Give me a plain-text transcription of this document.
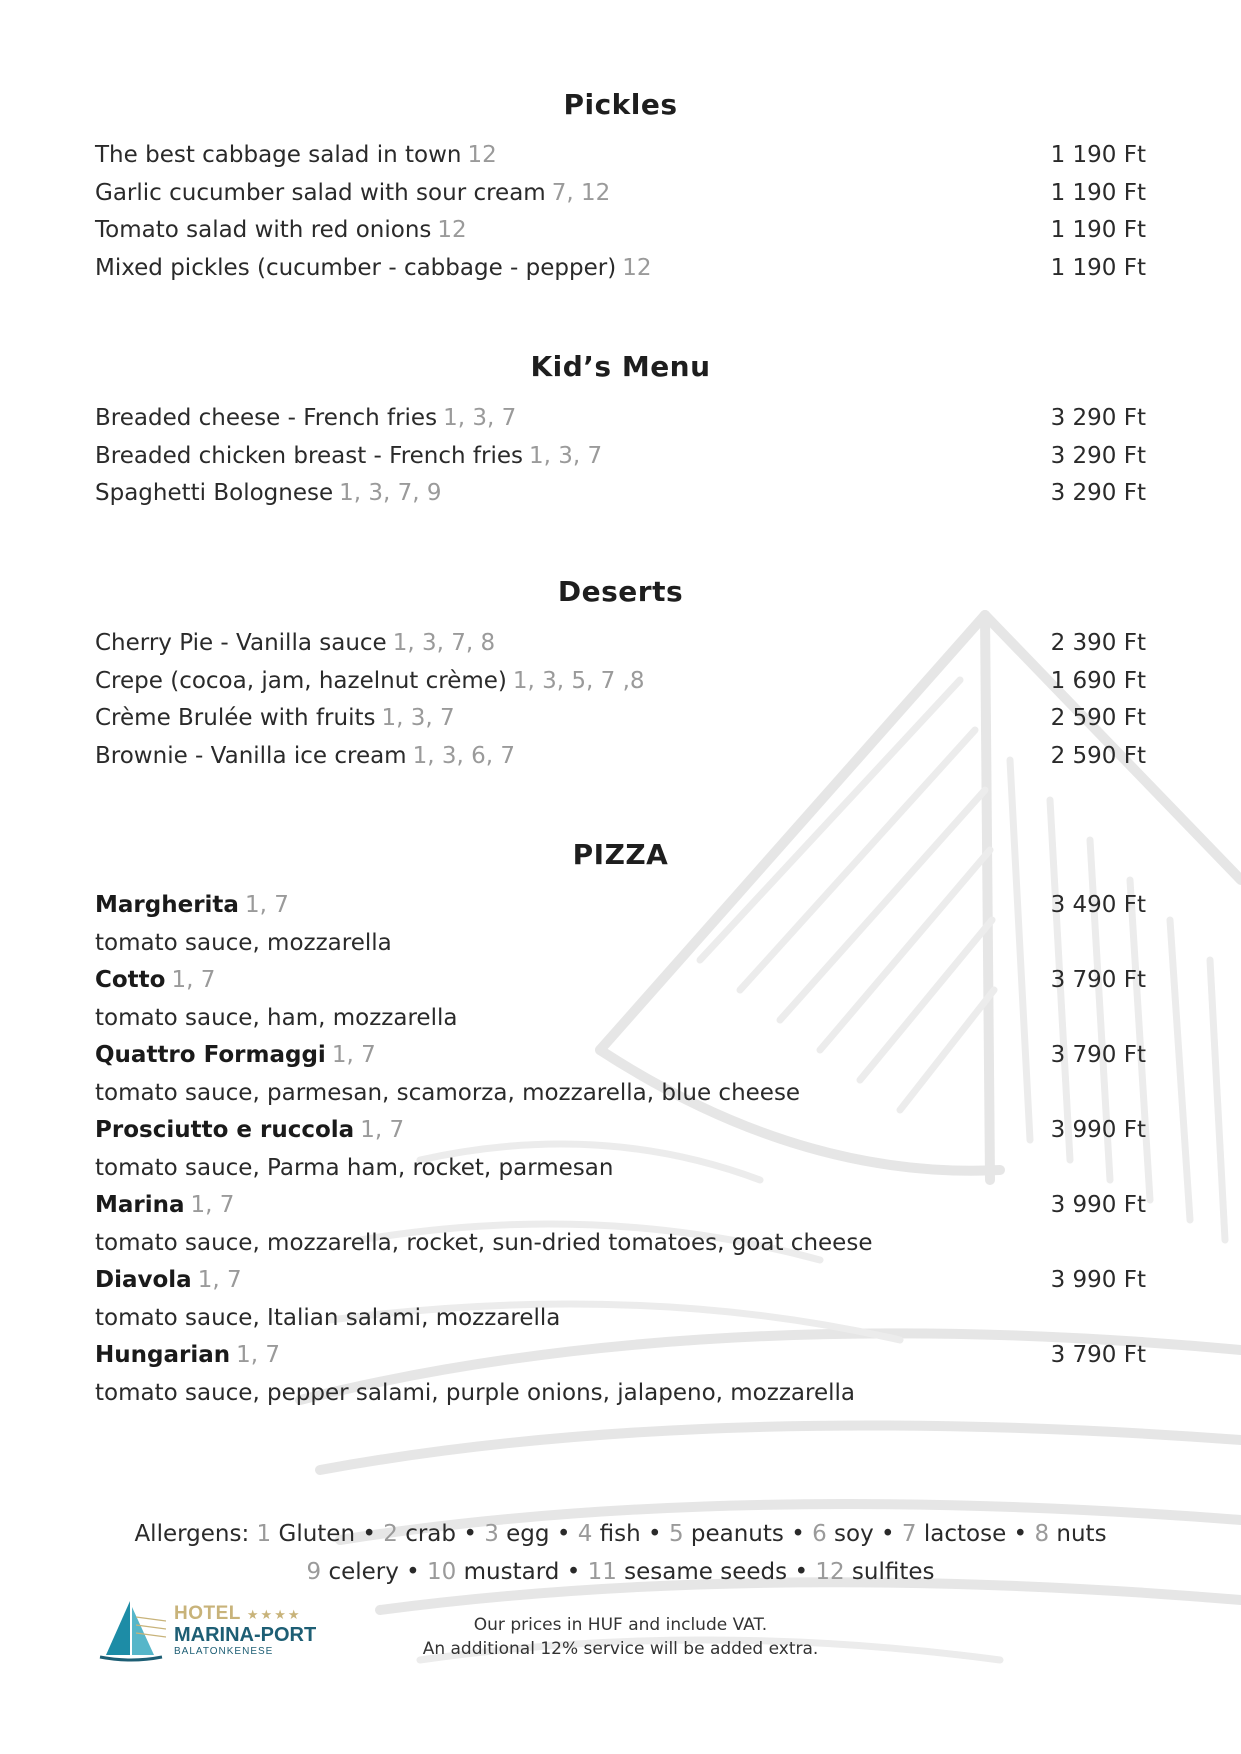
Pickles
The best cabbage salad in town 12	1 190 Ft
Garlic cucumber salad with sour cream 7, 12	1 190 Ft
Tomato salad with red onions 12	1 190 Ft
Mixed pickles (cucumber - cabbage - pepper) 12	1 190 Ft
Kid’s Menu
Breaded cheese - French fries 1, 3, 7	3 290 Ft
Breaded chicken breast - French fries 1, 3, 7	3 290 Ft
Spaghetti Bolognese 1, 3, 7, 9	3 290 Ft
Deserts
Cherry Pie - Vanilla sauce 1, 3, 7, 8	2 390 Ft
Crepe (cocoa, jam, hazelnut crème) 1, 3, 5, 7 ,8	1 690 Ft
Crème Brulée with fruits 1, 3, 7	2 590 Ft
Brownie - Vanilla ice cream 1, 3, 6, 7	2 590 Ft
PIZZA
Margherita 1, 7	3 490 Ft
tomato sauce, mozzarella
Cotto 1, 7	3 790 Ft
tomato sauce, ham, mozzarella
Quattro Formaggi 1, 7	3 790 Ft
tomato sauce, parmesan, scamorza, mozzarella, blue cheese
Prosciutto e ruccola 1, 7	3 990 Ft
tomato sauce, Parma ham, rocket, parmesan
Marina 1, 7	3 990 Ft
tomato sauce, mozzarella, rocket, sun-dried tomatoes, goat cheese
Diavola 1, 7	3 990 Ft
tomato sauce, Italian salami, mozzarella
Hungarian 1, 7	3 790 Ft
tomato sauce, pepper salami, purple onions, jalapeno, mozzarella
Allergens: 1 Gluten • 2 crab • 3 egg • 4 fish • 5 peanuts • 6 soy • 7 lactose • 8 nuts
9 celery • 10 mustard • 11 sesame seeds • 12 sulfites
HOTEL ★★★★
MARINA-PORT
BALATONKENESE
Our prices in HUF and include VAT.
An additional 12% service will be added extra.
